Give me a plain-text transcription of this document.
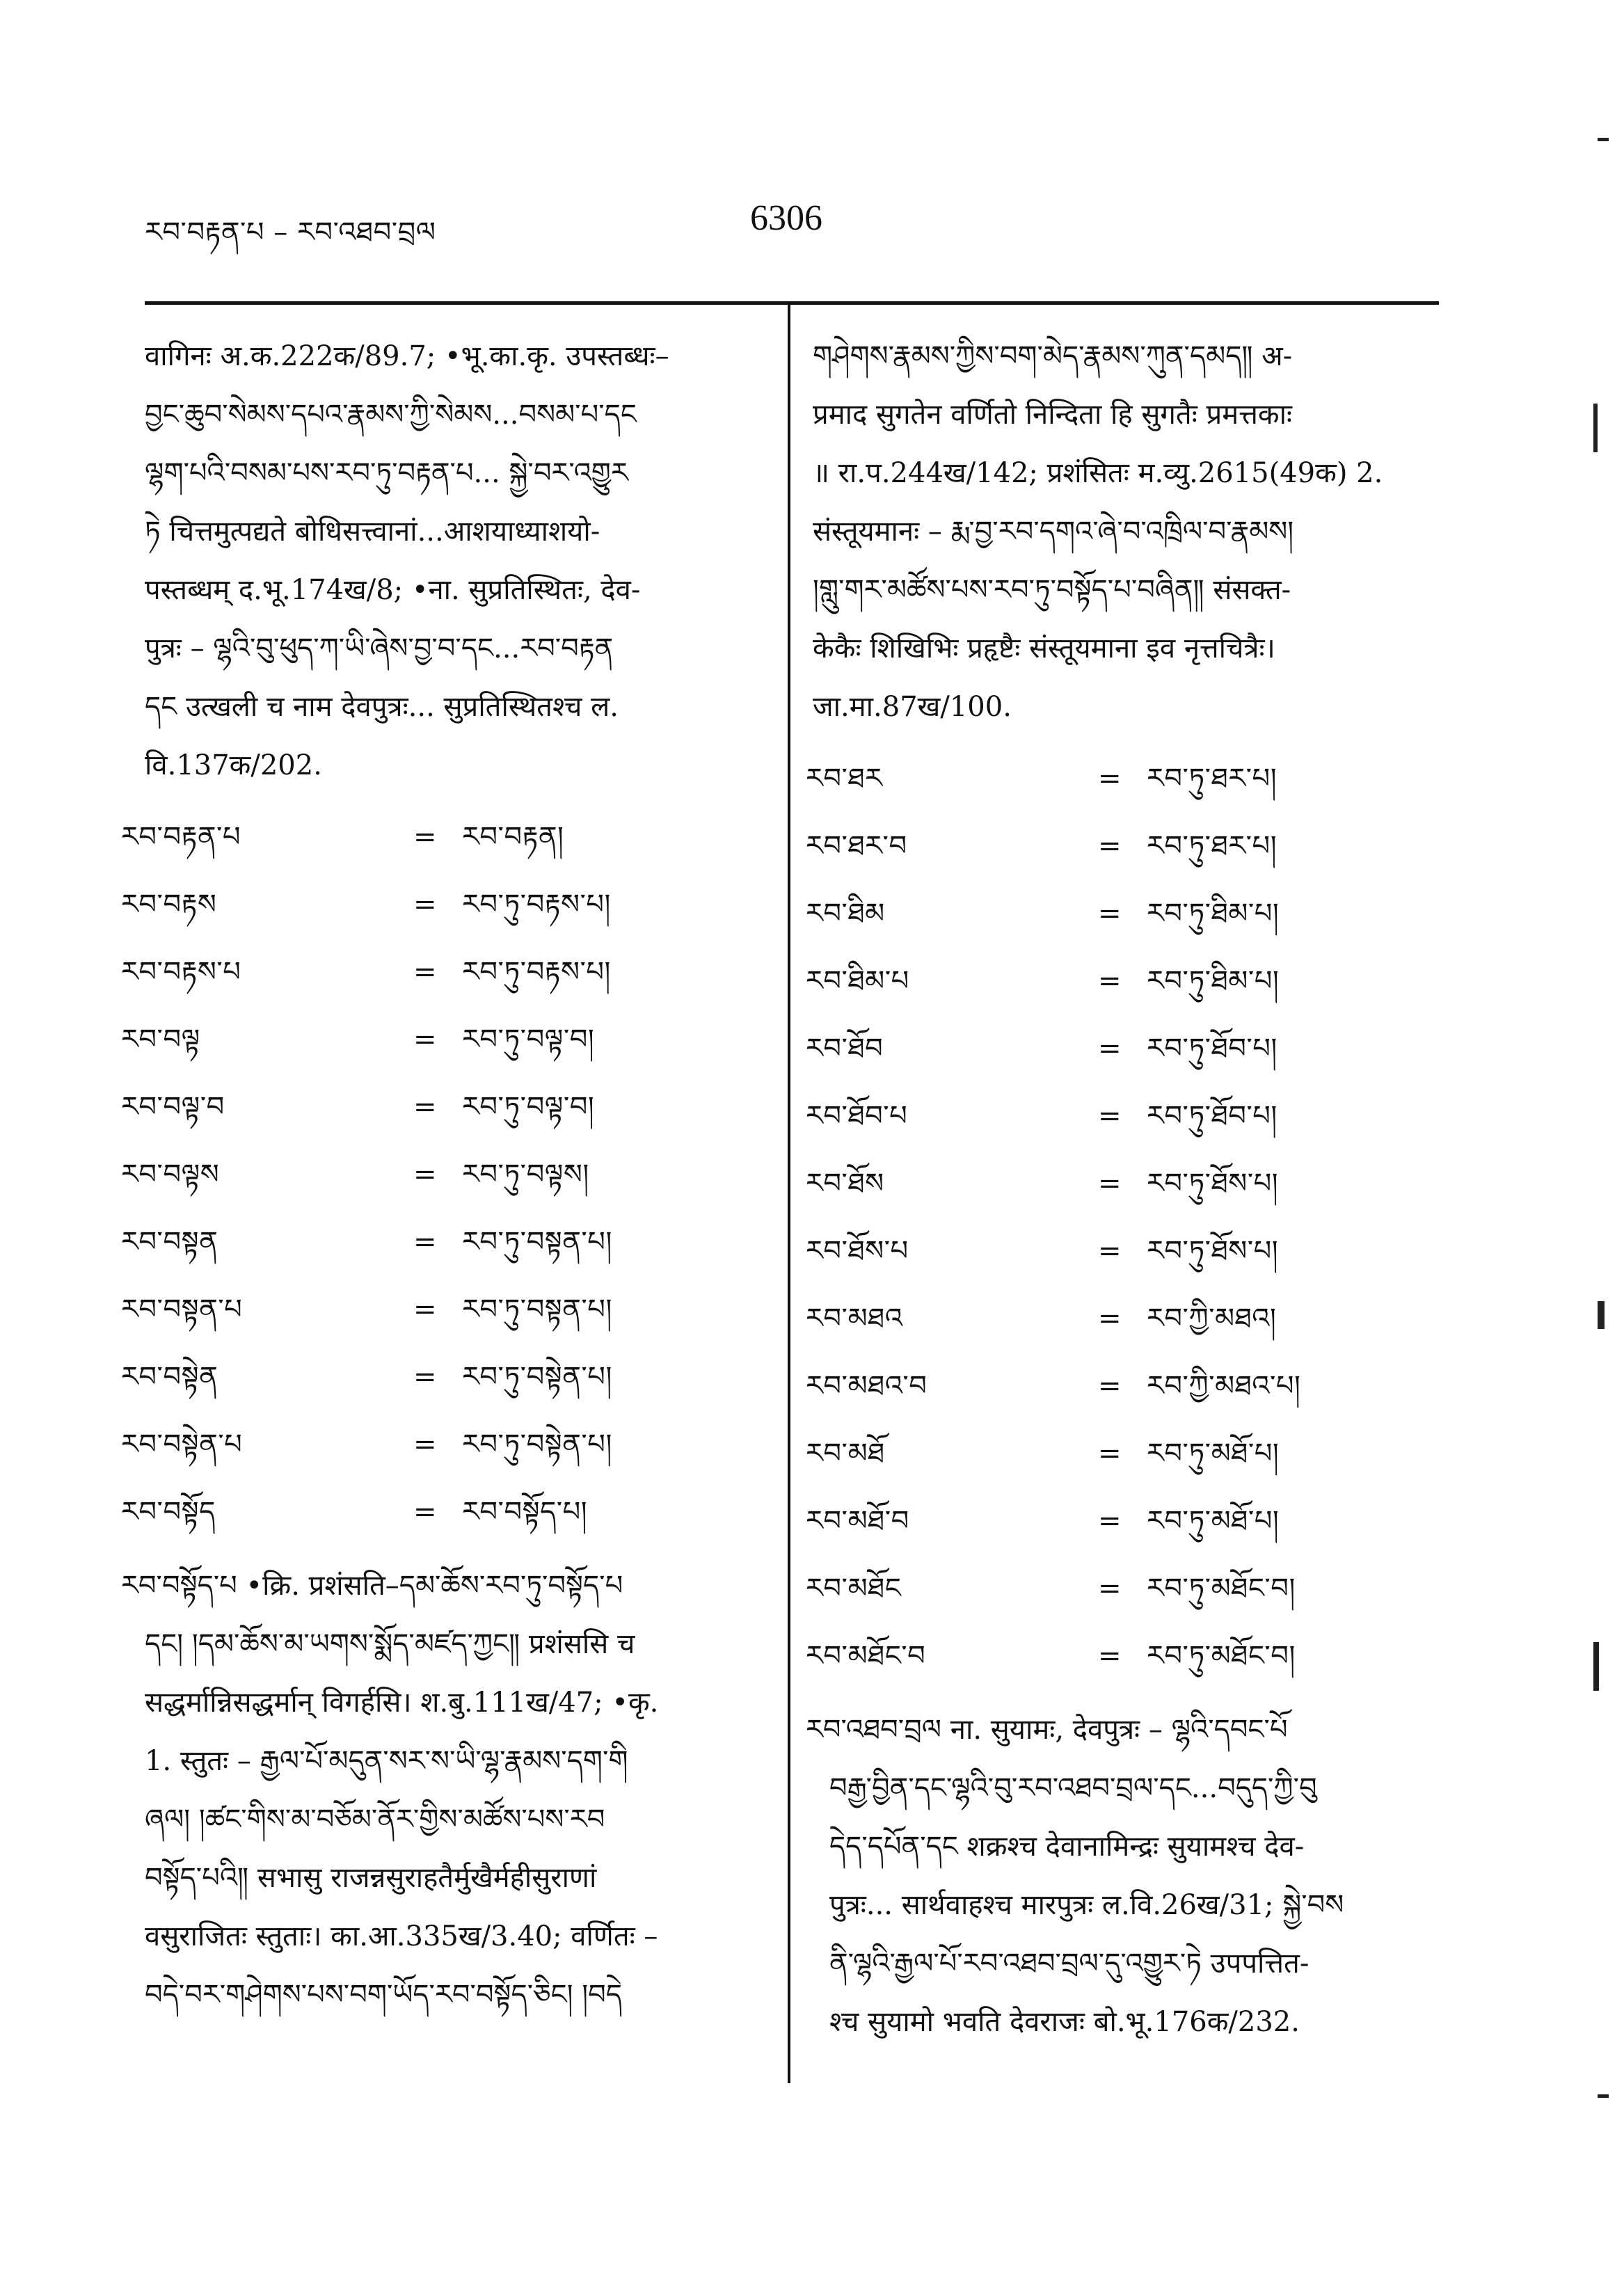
རབ་བརྟན་པ – རབ་འཐབ་བྲལ	6306

वागिनः अ.क.222क/89.7; •भू.का.कृ. उपस्तब्धः–

བྱང་ཆུབ་སེམས་དཔའ་རྣམས་ཀྱི་སེམས...བསམ་པ་དང

ལྷག་པའི་བསམ་པས་རབ་ཏུ་བརྟན་པ... སྐྱེ་བར་འགྱུར

ཏེ चित्तमुत्पद्यते बोधिसत्त्वानां...आशयाध्याशयो-

पस्तब्धम् द.भू.174ख/8; •ना. सुप्रतिस्थितः, देव-

पुत्रः – ལྷའི་བུ་ཕུད་ཀ་ཡི་ཞེས་བྱ་བ་དང...རབ་བརྟན

དང उत्खली च नाम देवपुत्रः... सुप्रतिस्थितश्च ल.

वि.137क/202.

རབ་བརྟན་པ	= རབ་བརྟན།
རབ་བརྟས	= རབ་ཏུ་བརྟས་པ།
རབ་བརྟས་པ	= རབ་ཏུ་བརྟས་པ།
རབ་བལྟ	= རབ་ཏུ་བལྟ་བ།
རབ་བལྟ་བ	= རབ་ཏུ་བལྟ་བ།
རབ་བལྟས	= རབ་ཏུ་བལྟས།
རབ་བསྟན	= རབ་ཏུ་བསྟན་པ།
རབ་བསྟན་པ	= རབ་ཏུ་བསྟན་པ།
རབ་བསྟེན	= རབ་ཏུ་བསྟེན་པ།
རབ་བསྟེན་པ	= རབ་ཏུ་བསྟེན་པ།
རབ་བསྟོད	= རབ་བསྟོད་པ།

རབ་བསྟོད་པ •क्रि. प्रशंसति–དམ་ཆོས་རབ་ཏུ་བསྟོད་པ

དང། །དམ་ཆོས་མ་ཡགས་སྨོད་མཛད་ཀྱང༎ प्रशंससि च

सद्धर्मान्निसद्धर्मान् विगर्हसि। श.बु.111ख/47; •कृ.

1. स्तुतः – རྒྱལ་པོ་མདུན་སར་ས་ཡི་ལྷ་རྣམས་དག་གི

ཞལ། །ཚང་གིས་མ་བཅོམ་ནོར་གྱིས་མཚོས་པས་རབ

བསྟོད་པའི༎ सभासु राजन्नसुराहतैर्मुखैर्महीसुराणां

वसुराजितः स्तुताः। का.आ.335ख/3.40; वर्णितः –

བདེ་བར་གཤེགས་པས་བག་ཡོད་རབ་བསྟོད་ཅིང། །བདེ

གཤེགས་རྣམས་ཀྱིས་བག་མེད་རྣམས་ཀུན་དམད༎ अ-

प्रमाद सुगतेन वर्णितो निन्दिता हि सुगतैः प्रमत्तकाः

॥ रा.प.244ख/142; प्रशंसितः म.व्यु.2615(49क) 2.

संस्तूयमानः – རྨ་བྱ་རབ་དགའ་ཞེ་བ་འཁྲིལ་བ་རྣམས།

།གླུ་གར་མཚོས་པས་རབ་ཏུ་བསྟོད་པ་བཞིན༎ संसक्त-

केकैः शिखिभिः प्रहृष्टैः संस्तूयमाना इव नृत्तचित्रैः।

जा.मा.87ख/100.

རབ་ཐར	= རབ་ཏུ་ཐར་པ།
རབ་ཐར་བ	= རབ་ཏུ་ཐར་པ།
རབ་ཐིམ	= རབ་ཏུ་ཐིམ་པ།
རབ་ཐིམ་པ	= རབ་ཏུ་ཐིམ་པ།
རབ་ཐོབ	= རབ་ཏུ་ཐོབ་པ།
རབ་ཐོབ་པ	= རབ་ཏུ་ཐོབ་པ།
རབ་ཐོས	= རབ་ཏུ་ཐོས་པ།
རབ་ཐོས་པ	= རབ་ཏུ་ཐོས་པ།
རབ་མཐའ	= རབ་ཀྱི་མཐའ།
རབ་མཐའ་བ	= རབ་ཀྱི་མཐའ་པ།
རབ་མཐོ	= རབ་ཏུ་མཐོ་པ།
རབ་མཐོ་བ	= རབ་ཏུ་མཐོ་པ།
རབ་མཐོང	= རབ་ཏུ་མཐོང་བ།
རབ་མཐོང་བ	= རབ་ཏུ་མཐོང་བ།

རབ་འཐབ་བྲལ ना. सुयामः, देवपुत्रः – ལྷའི་དབང་པོ

བརྒྱ་བྱིན་དང་ལྷའི་བུ་རབ་འཐབ་བྲལ་དང...བདུད་ཀྱི་བུ

དེད་དཔོན་དང शक्रश्च देवानामिन्द्रः सुयामश्च देव-

पुत्रः... सार्थवाहश्च मारपुत्रः ल.वि.26ख/31; སྐྱེ་བས

ནི་ལྷའི་རྒྱལ་པོ་རབ་འཐབ་བྲལ་དུ་འགྱུར་ཏེ उपपत्तित-

श्च सुयामो भवति देवराजः बो.भू.176क/232.
